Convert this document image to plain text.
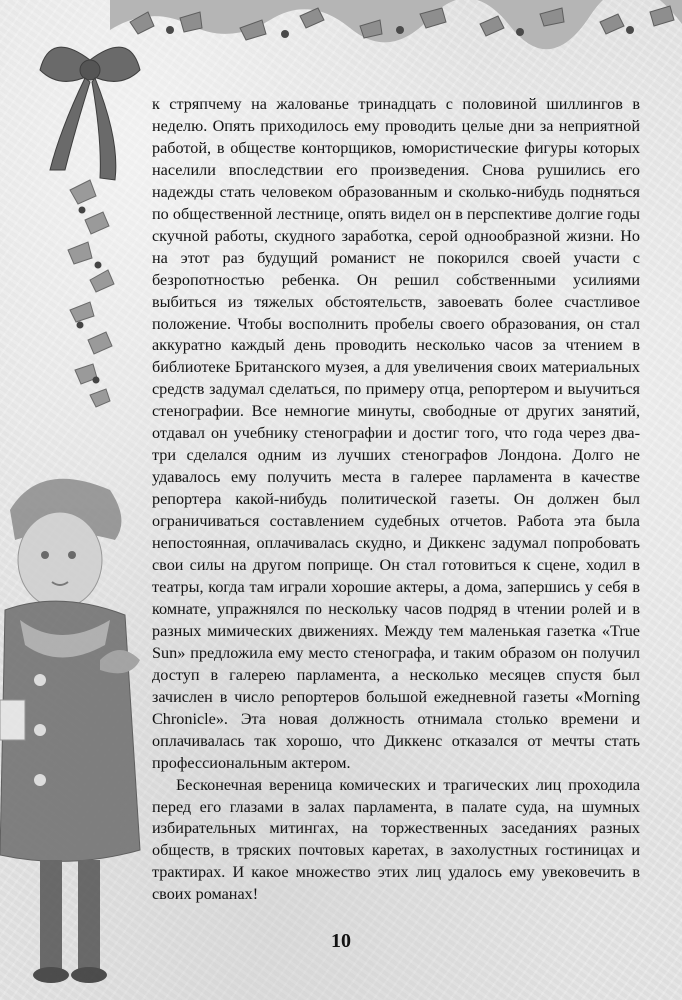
к стряпчему на жалованье тринадцать с половиной шиллингов в неделю. Опять приходилось ему проводить целые дни за неприятной работой, в обществе конторщиков, юмористические фигуры которых населили впоследствии его произведения. Снова рушились его надежды стать человеком образованным и сколько-нибудь подняться по общественной лестнице, опять видел он в перспективе долгие годы скучной работы, скудного заработка, серой однообразной жизни. Но на этот раз будущий романист не покорился своей участи с безропотностью ребенка. Он решил собственными усилиями выбиться из тяжелых обстоятельств, завоевать более счастливое положение. Чтобы восполнить пробелы своего образования, он стал аккуратно каждый день проводить несколько часов за чтением в библиотеке Британского музея, а для увеличения своих материальных средств задумал сделаться, по примеру отца, репортером и выучиться стенографии. Все немногие минуты, свободные от других занятий, отдавал он учебнику стенографии и достиг того, что года через два-три сделался одним из лучших стенографов Лондона. Долго не удавалось ему получить места в галерее парламента в качестве репортера какой-нибудь политической газеты. Он должен был ограничиваться составлением судебных отчетов. Работа эта была непостоянная, оплачивалась скудно, и Диккенс задумал попробовать свои силы на другом поприще. Он стал готовиться к сцене, ходил в театры, когда там играли хорошие актеры, а дома, запершись у себя в комнате, упражнялся по нескольку часов подряд в чтении ролей и в разных мимических движениях. Между тем маленькая газетка «True Sun» предложила ему место стенографа, и таким образом он получил доступ в галерею парламента, а несколько месяцев спустя был зачислен в число репортеров большой ежедневной газеты «Morning Chronicle». Эта новая должность отнимала столько времени и оплачивалась так хорошо, что Диккенс отказался от мечты стать профессиональным актером.

Бесконечная вереница комических и трагических лиц проходила перед его глазами в залах парламента, в палате суда, на шумных избирательных митингах, на торжественных заседаниях разных обществ, в тряских почтовых каретах, в захолустных гостиницах и трактирах. И какое множество этих лиц удалось ему увековечить в своих романах!

10
